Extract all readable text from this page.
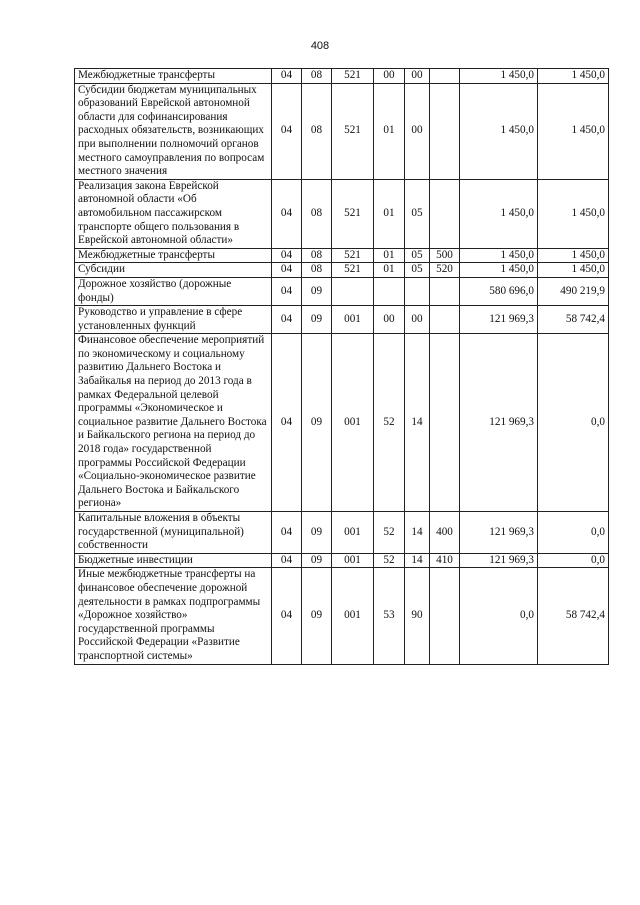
408
Межбюджетные трансферты	04	08	521	00	00		1 450,0	1 450,0
Субсидии бюджетам муниципальных образований Еврейской автономной области для софинансирования расходных обязательств, возникающих при выполнении полномочий органов местного самоуправления по вопросам местного значения	04	08	521	01	00		1 450,0	1 450,0
Реализация закона Еврейской автономной области «Об автомобильном пассажирском транспорте общего пользования в Еврейской автономной области»	04	08	521	01	05		1 450,0	1 450,0
Межбюджетные трансферты	04	08	521	01	05	500	1 450,0	1 450,0
Субсидии	04	08	521	01	05	520	1 450,0	1 450,0
Дорожное хозяйство (дорожные фонды)	04	09					580 696,0	490 219,9
Руководство и управление в сфере установленных функций	04	09	001	00	00		121 969,3	58 742,4
Финансовое обеспечение мероприятий по экономическому и социальному развитию Дальнего Востока и Забайкалья на период до 2013 года в рамках Федеральной целевой программы «Экономическое и социальное развитие Дальнего Востока и Байкальского региона на период до 2018 года» государственной программы Российской Федерации «Социально-экономическое развитие Дальнего Востока и Байкальского региона»	04	09	001	52	14		121 969,3	0,0
Капитальные вложения в объекты государственной (муниципальной) собственности	04	09	001	52	14	400	121 969,3	0,0
Бюджетные инвестиции	04	09	001	52	14	410	121 969,3	0,0
Иные межбюджетные трансферты на финансовое обеспечение дорожной деятельности в рамках подпрограммы «Дорожное хозяйство» государственной программы Российской Федерации «Развитие транспортной системы»	04	09	001	53	90		0,0	58 742,4
